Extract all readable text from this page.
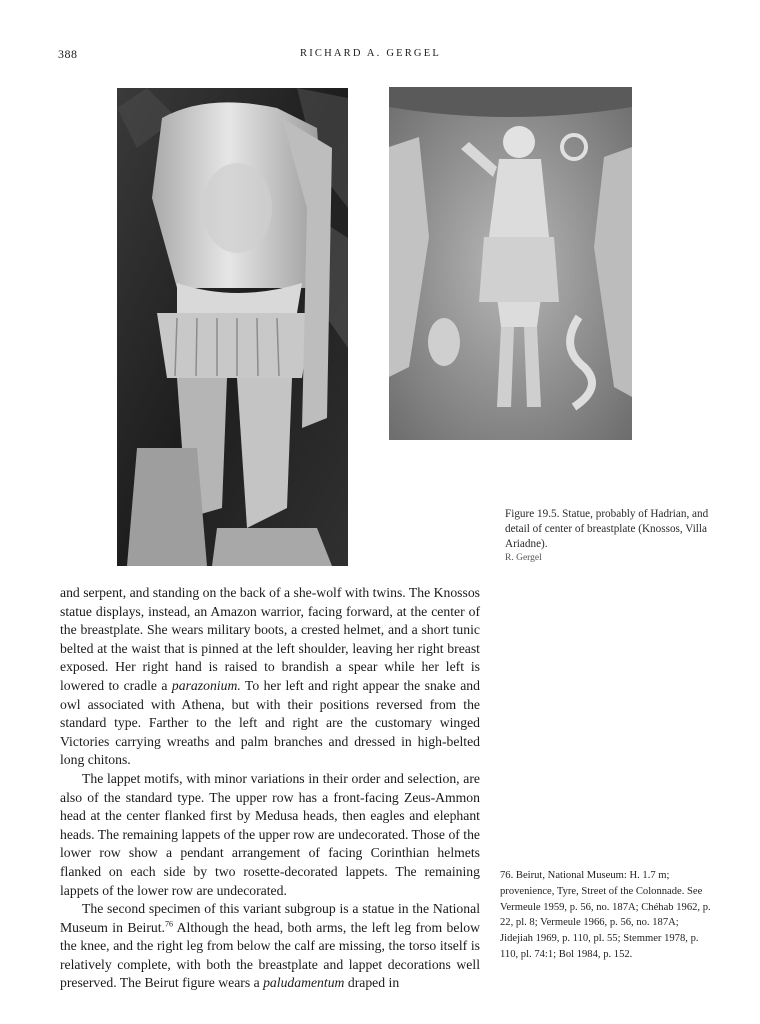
388	RICHARD A. GERGEL
Figure 19.5. Statue, probably of Hadrian, and detail of center of breastplate (Knossos, Villa Ariadne).
R. Gergel

and serpent, and standing on the back of a she-wolf with twins. The Knossos statue displays, instead, an Amazon warrior, facing forward, at the center of the breastplate. She wears military boots, a crested helmet, and a short tunic belted at the waist that is pinned at the left shoulder, leaving her right breast exposed. Her right hand is raised to brandish a spear while her left is lowered to cradle a parazonium. To her left and right appear the snake and owl associated with Athena, but with their positions reversed from the standard type. Farther to the left and right are the customary winged Victories carrying wreaths and palm branches and dressed in high-belted long chitons.

The lappet motifs, with minor variations in their order and selection, are also of the standard type. The upper row has a front-facing Zeus-Ammon head at the center flanked first by Medusa heads, then eagles and elephant heads. The remaining lappets of the upper row are undecorated. Those of the lower row show a pendant arrangement of facing Corinthian helmets flanked on each side by two rosette-decorated lappets. The remaining lappets of the lower row are undecorated.

The second specimen of this variant subgroup is a statue in the National Museum in Beirut.$^{76}$ Although the head, both arms, the left leg from below the knee, and the right leg from below the calf are missing, the torso itself is relatively complete, with both the breastplate and lappet decorations well preserved. The Beirut figure wears a paludamentum draped in

76. Beirut, National Museum: H. 1.7 m; provenience, Tyre, Street of the Colonnade. See Vermeule 1959, p. 56, no. 187A; Chéhab 1962, p. 22, pl. 8; Vermeule 1966, p. 56, no. 187A; Jidejiah 1969, p. 110, pl. 55; Stemmer 1978, p. 110, pl. 74:1; Bol 1984, p. 152.
